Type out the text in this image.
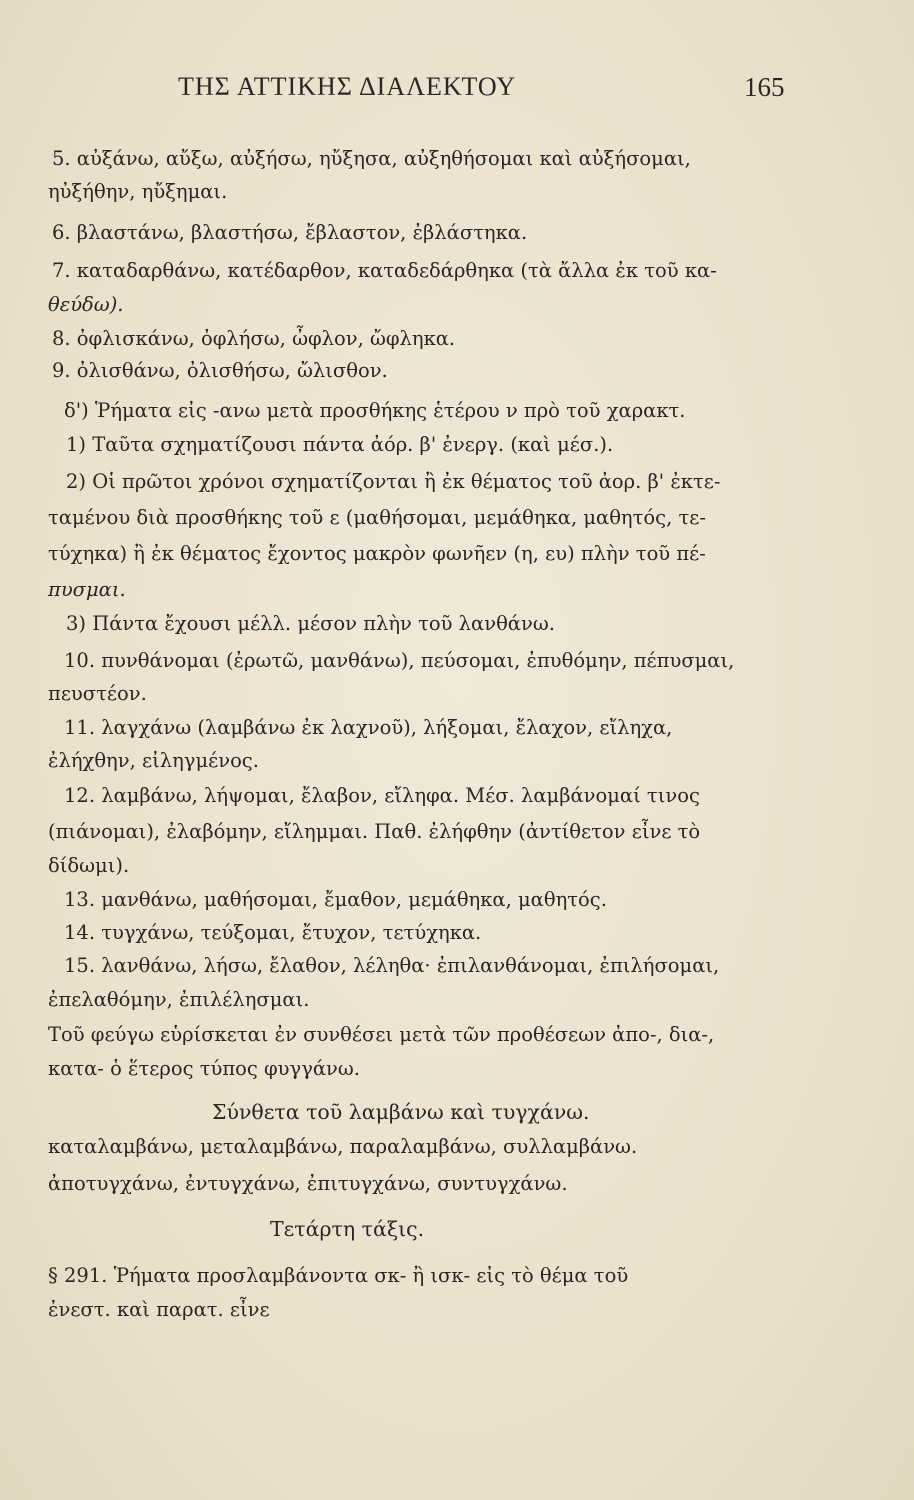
ΤΗΣ ΑΤΤΙΚΗΣ ΔΙΑΛΕΚΤΟΥ	165
5. αὐξάνω, αὔξω, αὐξήσω, ηὔξησα, αὐξηθήσομαι καὶ αὐξήσομαι,
ηὐξήθην, ηὔξημαι.
6. βλαστάνω, βλαστήσω, ἔβλαστον, ἐβλάστηκα.
7. καταδαρθάνω, κατέδαρθον, καταδεδάρθηκα (τὰ ἄλλα ἐκ τοῦ κα-
θεύδω).
8. ὀφλισκάνω, ὀφλήσω, ὦφλον, ὤφληκα.
9. ὀλισθάνω, ὀλισθήσω, ὤλισθον.
δ') Ῥήματα εἰς -ανω μετὰ προσθήκης ἑτέρου ν πρὸ τοῦ χαρακτ.
1) Ταῦτα σχηματίζουσι πάντα ἀόρ. β' ἐνεργ. (καὶ μέσ.).
2) Οἱ πρῶτοι χρόνοι σχηματίζονται ἢ ἐκ θέματος τοῦ ἀορ. β' ἐκτε-
ταμένου διὰ προσθήκης τοῦ ε (μαθήσομαι, μεμάθηκα, μαθητός, τε-
τύχηκα) ἢ ἐκ θέματος ἔχοντος μακρὸν φωνῆεν (η, ευ) πλὴν τοῦ πέ-
πυσμαι.
3) Πάντα ἔχουσι μέλλ. μέσον πλὴν τοῦ λανθάνω.
10. πυνθάνομαι (ἐρωτῶ, μανθάνω), πεύσομαι, ἐπυθόμην, πέπυσμαι,
πευστέον.
11. λαγχάνω (λαμβάνω ἐκ λαχνοῦ), λήξομαι, ἔλαχον, εἴληχα,
ἐλήχθην, εἰληγμένος.
12. λαμβάνω, λήψομαι, ἔλαβον, εἴληφα. Μέσ. λαμβάνομαί τινος
(πιάνομαι), ἐλαβόμην, εἴλημμαι. Παθ. ἐλήφθην (ἀντίθετον εἶνε τὸ
δίδωμι).
13. μανθάνω, μαθήσομαι, ἔμαθον, μεμάθηκα, μαθητός.
14. τυγχάνω, τεύξομαι, ἔτυχον, τετύχηκα.
15. λανθάνω, λήσω, ἔλαθον, λέληθα· ἐπιλανθάνομαι, ἐπιλήσομαι,
ἐπελαθόμην, ἐπιλέλησμαι.
Τοῦ φεύγω εὑρίσκεται ἐν συνθέσει μετὰ τῶν προθέσεων ἀπο-, δια-,
κατα- ὁ ἕτερος τύπος φυγγάνω.
Σύνθετα τοῦ λαμβάνω καὶ τυγχάνω.
καταλαμβάνω, μεταλαμβάνω, παραλαμβάνω, συλλαμβάνω.
ἀποτυγχάνω, ἐντυγχάνω, ἐπιτυγχάνω, συντυγχάνω.
Τετάρτη τάξις.
§ 291. Ῥήματα προσλαμβάνοντα σκ- ἢ ισκ- εἰς τὸ θέμα τοῦ
ἐνεστ. καὶ παρατ. εἶνε
